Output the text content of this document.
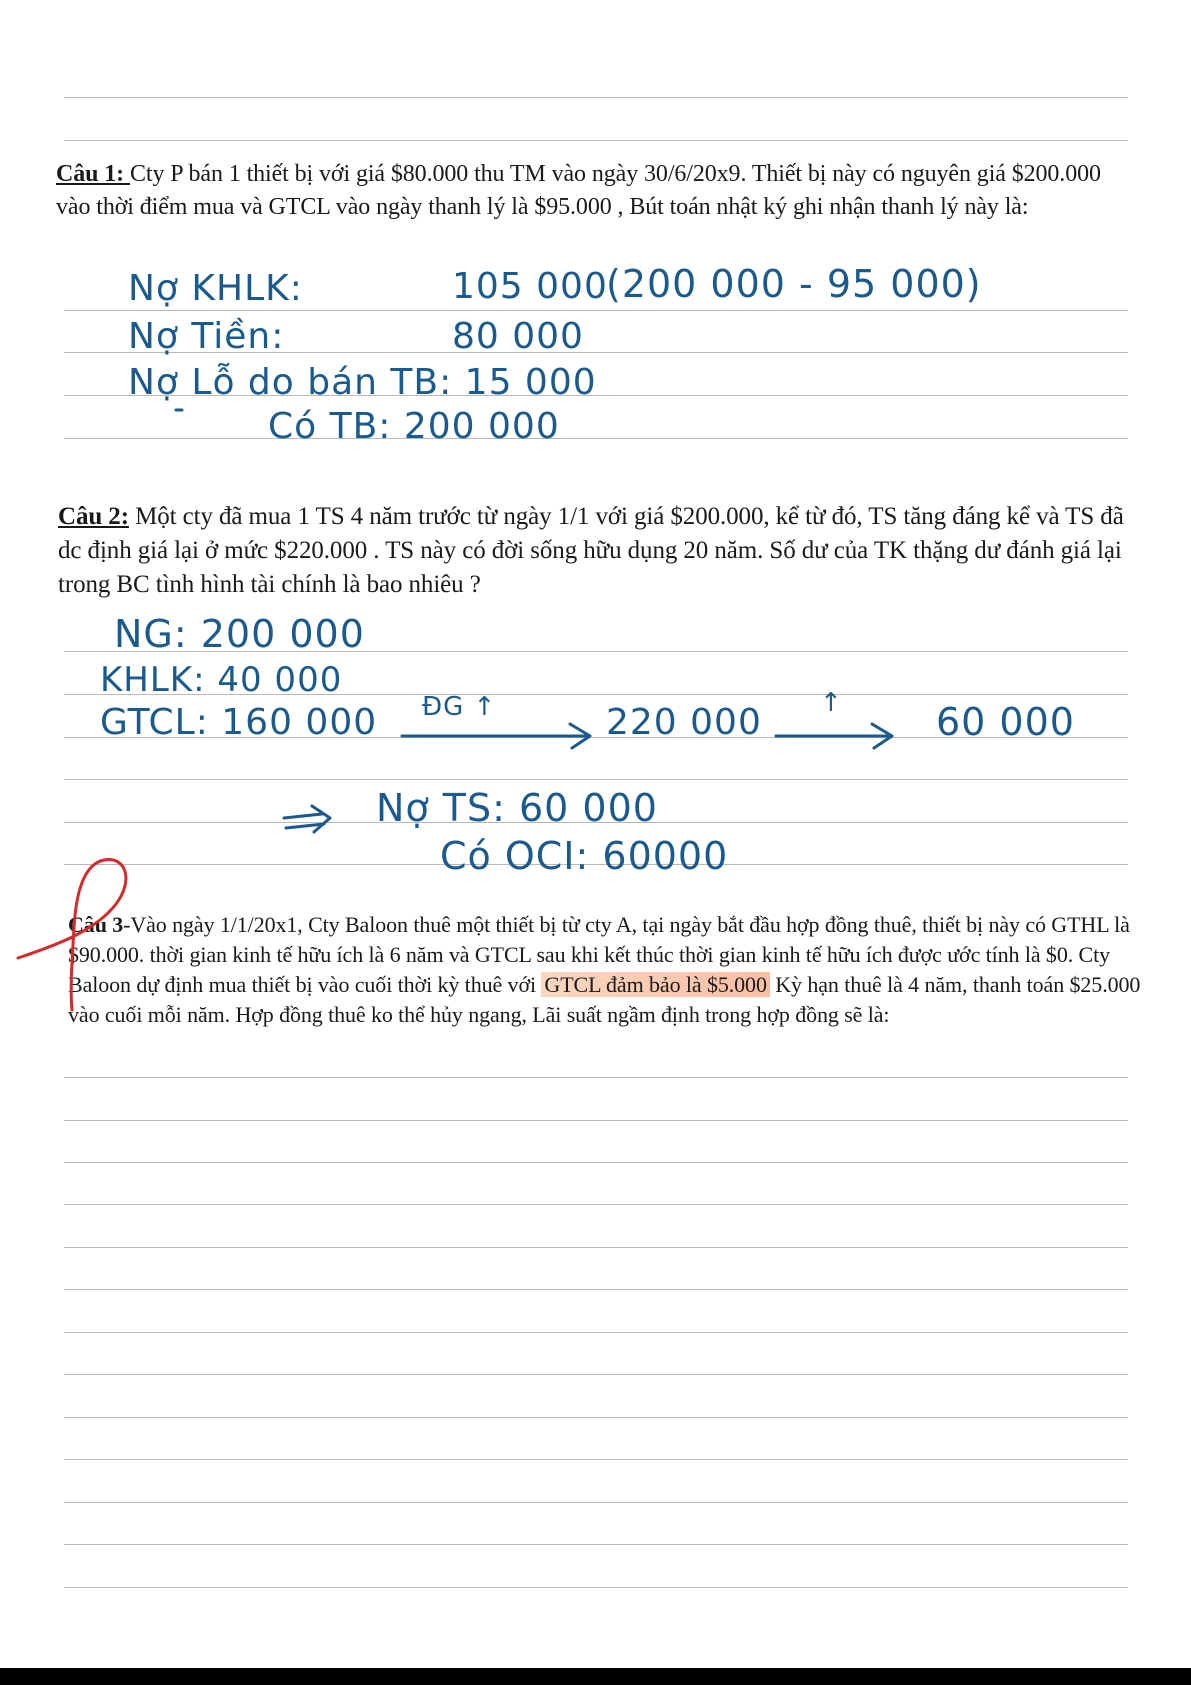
Câu 1: Cty P bán 1 thiết bị với giá $80.000 thu TM vào ngày 30/6/20x9. Thiết bị này có nguyên giá $200.000 vào thời điểm mua và GTCL vào ngày thanh lý là $95.000 , Bút toán nhật ký ghi nhận thanh lý này là:

Nợ KHLK:	105 000

(200 000 - 95 000)

Nợ Tiền:	80 000

Nợ Lỗ do bán TB: 15 000

Có TB: 200 000

Câu 2: Một cty đã mua 1 TS 4 năm trước từ ngày 1/1 với giá $200.000, kể từ đó, TS tăng đáng kể và TS đã dc định giá lại ở mức $220.000 . TS này có đời sống hữu dụng 20 năm. Số dư của TK thặng dư đánh giá lại trong BC tình hình tài chính là bao nhiêu ?

NG: 200 000

KHLK: 40 000

GTCL: 160 000 ĐG ↑	220 000 ↑ 60 000

Nợ TS: 60 000

Có OCI: 60000

Câu 3-Vào ngày 1/1/20x1, Cty Baloon thuê một thiết bị từ cty A, tại ngày bắt đầu hợp đồng thuê, thiết bị này có GTHL là $90.000. thời gian kinh tế hữu ích là 6 năm và GTCL sau khi kết thúc thời gian kinh tế hữu ích được ước tính là $0. Cty Baloon dự định mua thiết bị vào cuối thời kỳ thuê với GTCL đảm bảo là $5.000 Kỳ hạn thuê là 4 năm, thanh toán $25.000 vào cuối mỗi năm. Hợp đồng thuê ko thể hủy ngang, Lãi suất ngầm định trong hợp đồng sẽ là:
